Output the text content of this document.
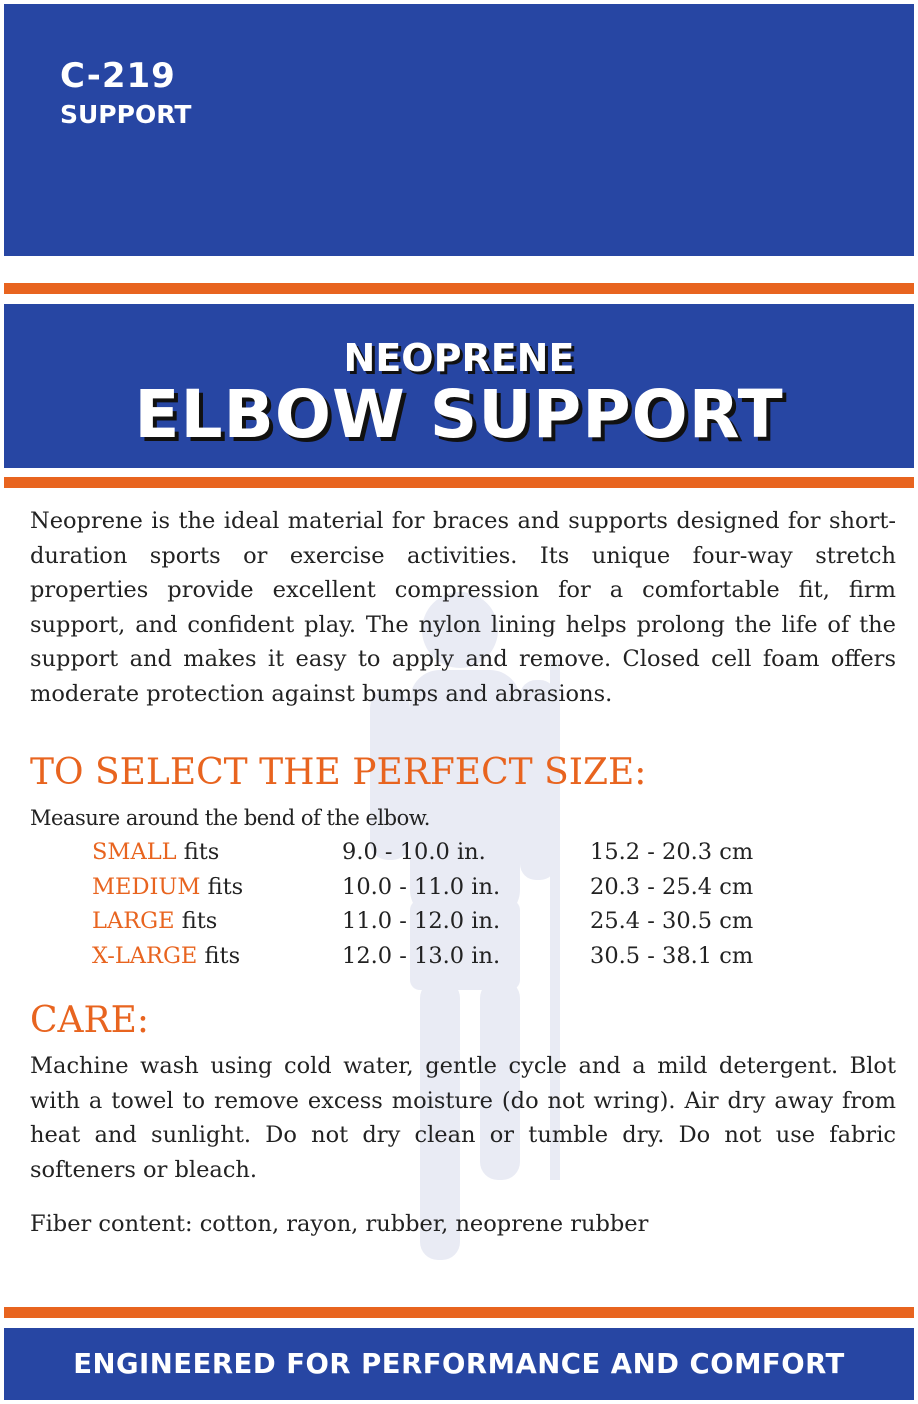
C-219
SUPPORT
NEOPRENE
ELBOW SUPPORT

Neoprene is the ideal material for braces and supports designed for short-duration sports or exercise activities. Its unique four-way stretch properties provide excellent compression for a comfortable fit, firm support, and confident play. The nylon lining helps prolong the life of the support and makes it easy to apply and remove. Closed cell foam offers moderate protection against bumps and abrasions.

TO SELECT THE PERFECT SIZE:

Measure around the bend of the elbow.

SMALL fits	9.0 - 10.0 in.	15.2 - 20.3 cm
MEDIUM fits	10.0 - 11.0 in.	20.3 - 25.4 cm
LARGE fits	11.0 - 12.0 in.	25.4 - 30.5 cm
X-LARGE fits	12.0 - 13.0 in.	30.5 - 38.1 cm
CARE:

Machine wash using cold water, gentle cycle and a mild detergent. Blot with a towel to remove excess moisture (do not wring). Air dry away from heat and sunlight. Do not dry clean or tumble dry. Do not use fabric softeners or bleach.

Fiber content: cotton, rayon, rubber, neoprene rubber

ENGINEERED FOR PERFORMANCE AND COMFORT
